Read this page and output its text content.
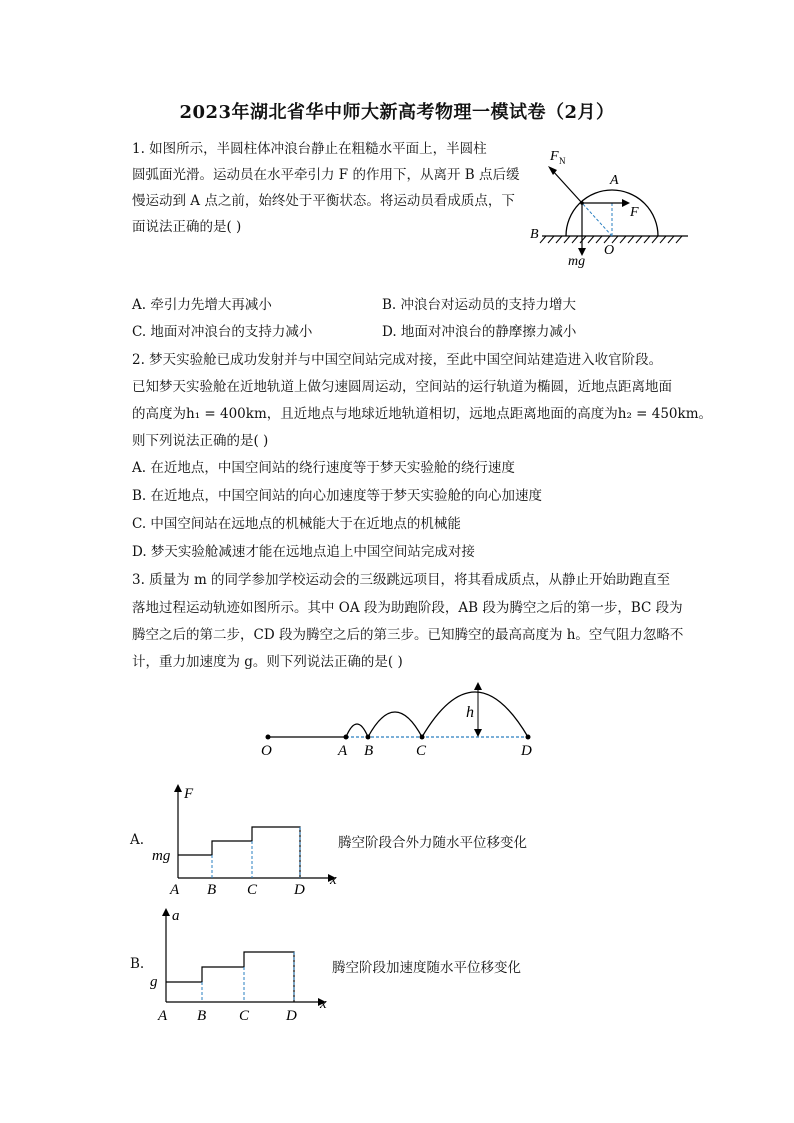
2023年湖北省华中师大新高考物理一模试卷（2月）
1. 如图所示，半圆柱体冲浪台静止在粗糙水平面上，半圆柱
圆弧面光滑。运动员在水平牵引力 F 的作用下，从离开 B 点后缓
慢运动到 A 点之前，始终处于平衡状态。将运动员看成质点，下
面说法正确的是( )
F N
A
F
B
mg
O
A. 牵引力先增大再减小	B. 冲浪台对运动员的支持力增大
C. 地面对冲浪台的支持力减小	D. 地面对冲浪台的静摩擦力减小
2. 梦天实验舱已成功发射并与中国空间站完成对接，至此中国空间站建造进入收官阶段。
已知梦天实验舱在近地轨道上做匀速圆周运动，空间站的运行轨道为椭圆，近地点距离地面
的高度为h₁ = 400km，且近地点与地球近地轨道相切，远地点距离地面的高度为h₂ = 450km。
则下列说法正确的是( )
A. 在近地点，中国空间站的绕行速度等于梦天实验舱的绕行速度
B. 在近地点，中国空间站的向心加速度等于梦天实验舱的向心加速度
C. 中国空间站在远地点的机械能大于在近地点的机械能
D. 梦天实验舱减速才能在远地点追上中国空间站完成对接
3. 质量为 m 的同学参加学校运动会的三级跳远项目，将其看成质点，从静止开始助跑直至
落地过程运动轨迹如图所示。其中 OA 段为助跑阶段，AB 段为腾空之后的第一步，BC 段为
腾空之后的第二步，CD 段为腾空之后的第三步。已知腾空的最高高度为 h。空气阻力忽略不
计，重力加速度为 g。则下列说法正确的是( )
O	A B	C	D
h
A.
F
x
mg
A B C D
腾空阶段合外力随水平位移变化
B.
a
x
g
A B C D
腾空阶段加速度随水平位移变化
